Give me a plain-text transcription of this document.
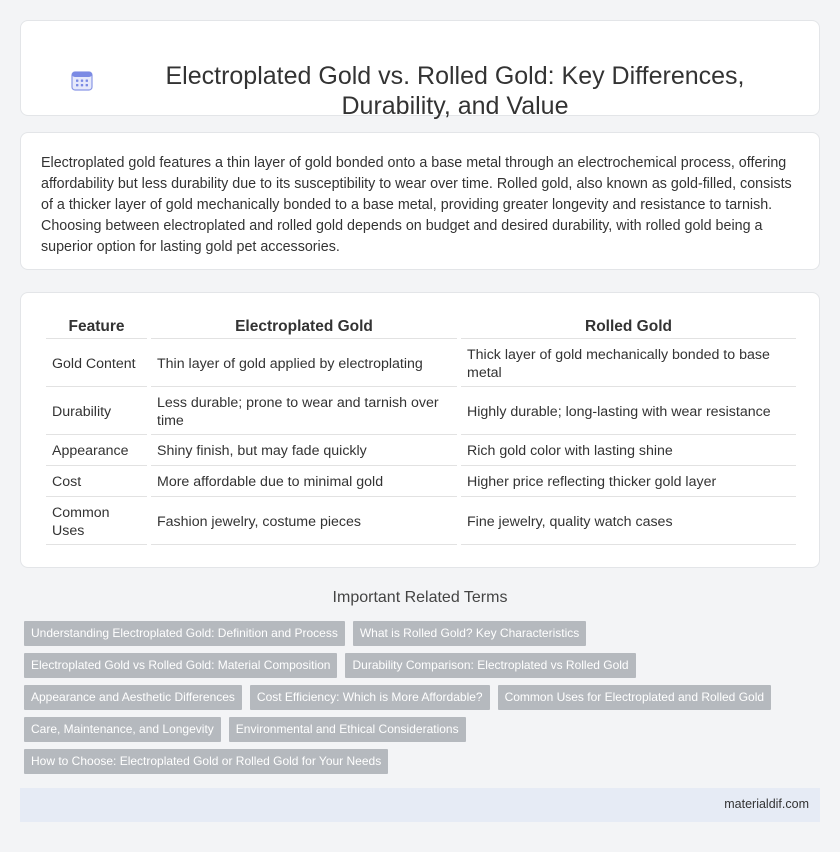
Electroplated Gold vs. Rolled Gold: Key Differences, Durability, and Value

Electroplated gold features a thin layer of gold bonded onto a base metal through an electrochemical process, offering affordability but less durability due to its susceptibility to wear over time. Rolled gold, also known as gold-filled, consists of a thicker layer of gold mechanically bonded to a base metal, providing greater longevity and resistance to tarnish. Choosing between electroplated and rolled gold depends on budget and desired durability, with rolled gold being a superior option for lasting gold pet accessories.

Feature	Electroplated Gold	Rolled Gold
Gold Content	Thin layer of gold applied by electroplating	Thick layer of gold mechanically bonded to base metal
Durability	Less durable; prone to wear and tarnish over time	Highly durable; long-lasting with wear resistance
Appearance	Shiny finish, but may fade quickly	Rich gold color with lasting shine
Cost	More affordable due to minimal gold	Higher price reflecting thicker gold layer
Common Uses	Fashion jewelry, costume pieces	Fine jewelry, quality watch cases
Important Related Terms
Understanding Electroplated Gold: Definition and Process	What is Rolled Gold? Key Characteristics
Electroplated Gold vs Rolled Gold: Material Composition	Durability Comparison: Electroplated vs Rolled Gold
Appearance and Aesthetic Differences	Cost Efficiency: Which is More Affordable?	Common Uses for Electroplated and Rolled Gold
Care, Maintenance, and Longevity	Environmental and Ethical Considerations
How to Choose: Electroplated Gold or Rolled Gold for Your Needs
materialdif.com
